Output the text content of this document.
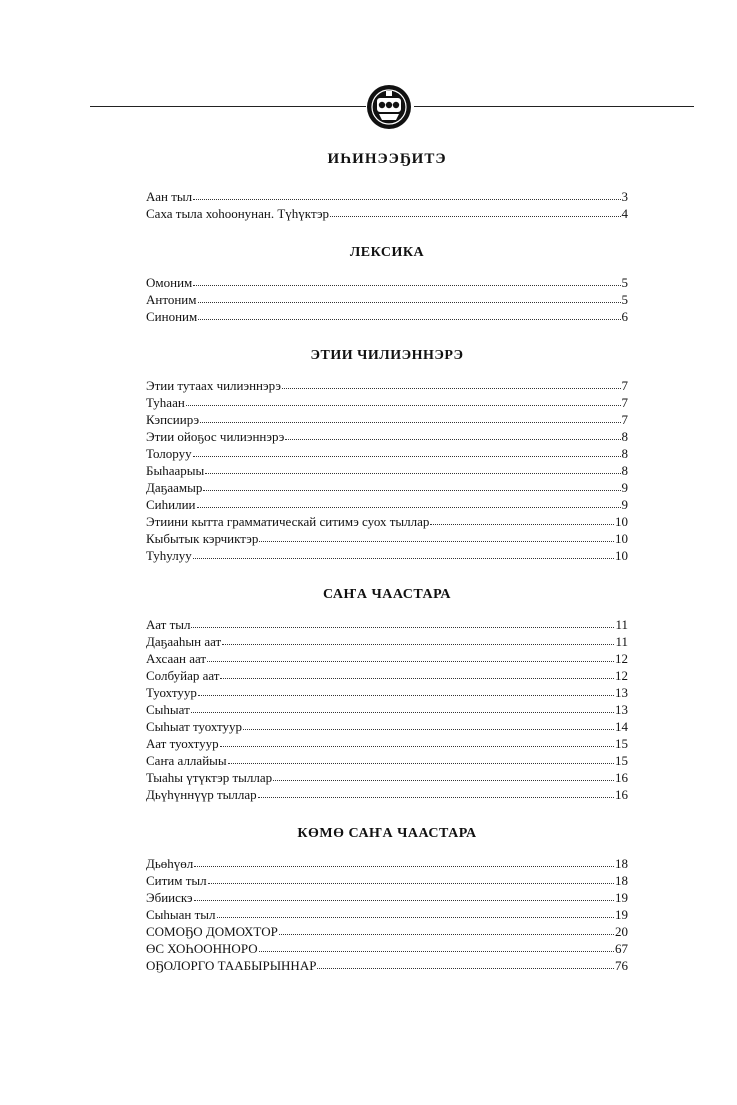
ИҺИНЭЭҔИТЭ
Аан тыл	3
Саха тыла хоһоонунан. Түһүктэр	4
ЛЕКСИКА
Омоним	5
Антоним	5
Синоним	6
ЭТИИ ЧИЛИЭННЭРЭ
Этии тутаах чилиэннэрэ	7
Туһаан	7
Кэпсиирэ	7
Этии ойоҕос чилиэннэрэ	8
Толоруу	8
Быһаарыы	8
Даҕаамыр	9
Сиһилии	9
Этиини кытта грамматическай ситимэ суох тыллар	10
Кыбытык кэрчиктэр	10
Туһулуу	10
САҤА ЧААСТАРА
Аат тыл	11
Даҕааһын аат	11
Ахсаан аат	12
Солбуйар аат	12
Туохтуур	13
Сыһыат	13
Сыһыат туохтуур	14
Аат туохтуур	15
Саҥа аллайыы	15
Тыаһы үтүктэр тыллар	16
Дьүһүннүүр тыллар	16
КӨМӨ САҤА ЧААСТАРА
Дьөһүөл	18
Ситим тыл	18
Эбиискэ	19
Сыһыан тыл	19
СОМОҔО ДОМОХТОР	20
ӨС ХОҺООННОРО	67
ОҔОЛОРГО ТААБЫРЫННАР	76
